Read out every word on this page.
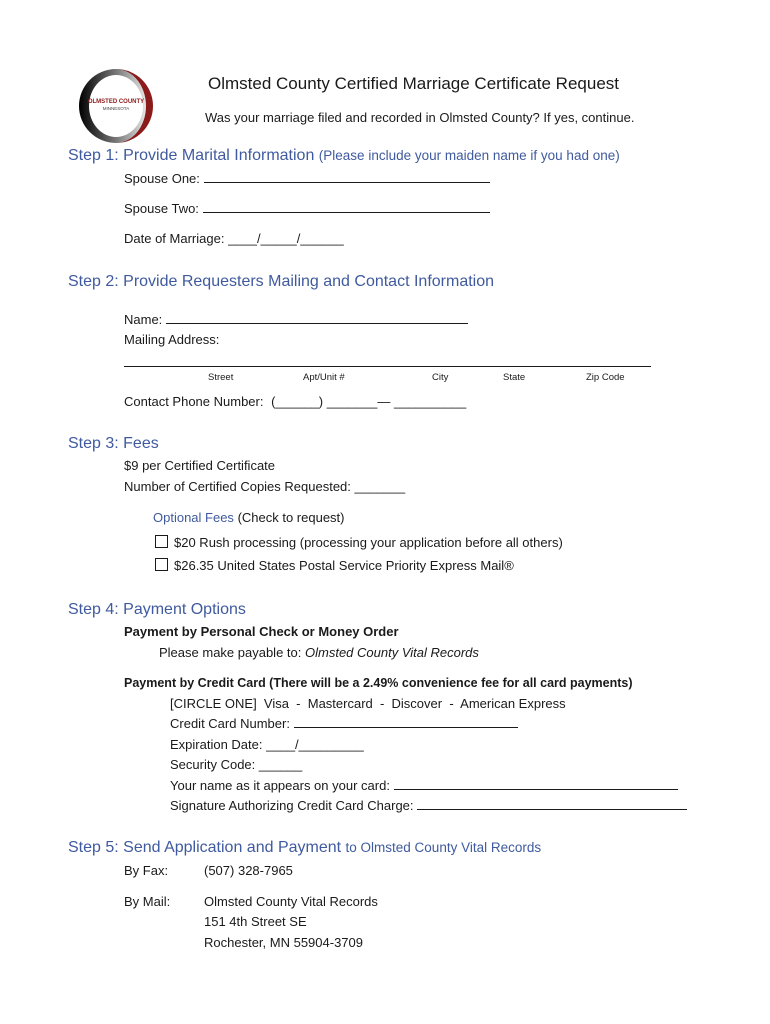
OLMSTED COUNTY
MINNESOTA
Olmsted County Certified Marriage Certificate Request
Was your marriage filed and recorded in Olmsted County? If yes, continue.
Step 1: Provide Marital Information (Please include your maiden name if you had one)
Spouse One:
Spouse Two:
Date of Marriage: ____/_____/______
Step 2: Provide Requesters Mailing and Contact Information
Name:
Mailing Address:
Street	Apt/Unit #	City	State	Zip Code
Contact Phone Number: (______) _______— __________
Step 3: Fees
$9 per Certified Certificate
Number of Certified Copies Requested: _______
Optional Fees (Check to request)
$20 Rush processing (processing your application before all others)
$26.35 United States Postal Service Priority Express Mail®
Step 4: Payment Options
Payment by Personal Check or Money Order
Please make payable to: Olmsted County Vital Records
Payment by Credit Card (There will be a 2.49% convenience fee for all card payments)
[CIRCLE ONE]  Visa  -  Mastercard  -  Discover  -  American Express
Credit Card Number:
Expiration Date: ____/_________
Security Code: ______
Your name as it appears on your card:
Signature Authorizing Credit Card Charge:
Step 5: Send Application and Payment to Olmsted County Vital Records
By Fax:	(507) 328-7965
By Mail:	Olmsted County Vital Records
151 4th Street SE
Rochester, MN 55904-3709
